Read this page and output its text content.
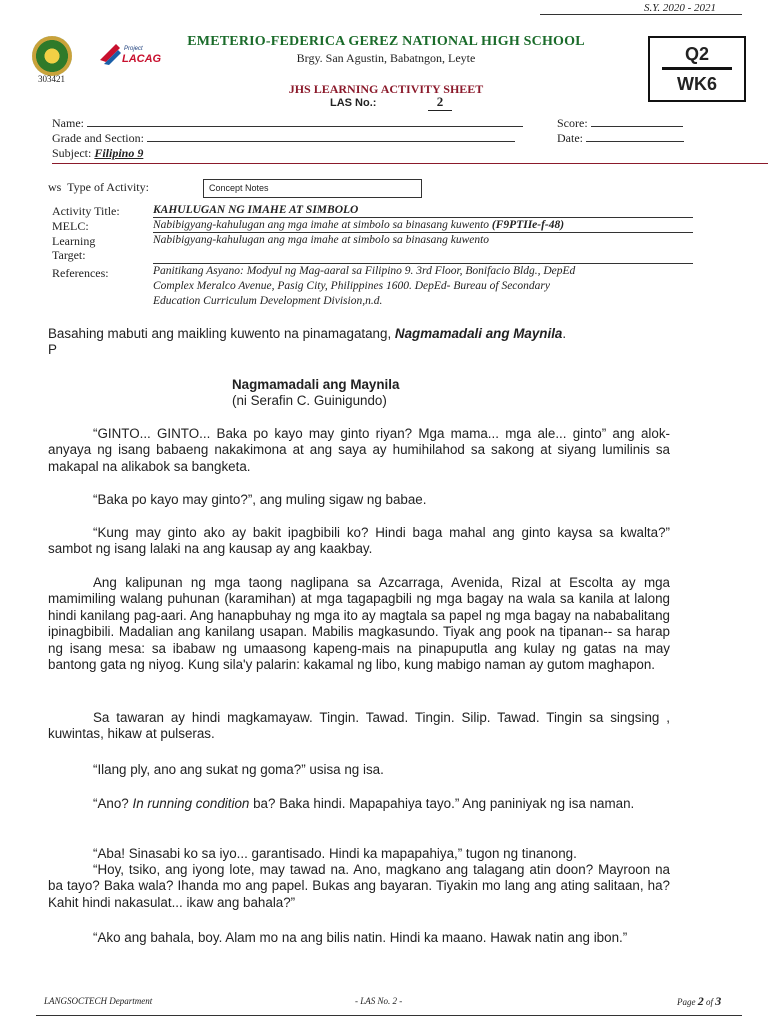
S.Y. 2020 - 2021
Project
LACAG
EMETERIO-FEDERICA GEREZ NATIONAL HIGH SCHOOL
Brgy. San Agustin, Babatngon, Leyte
303421
JHS LEARNING ACTIVITY SHEET
LAS No.:	2
Q2
WK6
Name:	Score:
Grade and Section:	Date:
Subject: Filipino 9
ws Type of Activity:	Concept Notes
Activity Title:	KAHULUGAN NG IMAHE AT SIMBOLO
MELC:	Nabibigyang-kahulugan ang mga imahe at simbolo sa binasang kuwento (F9PTIIe-f-48)
Learning
Target:
Nabibigyang-kahulugan ang mga imahe at simbolo sa binasang kuwento
References:	Panitikang Asyano: Modyul ng Mag-aaral sa Filipino 9. 3rd Floor, Bonifacio Bldg., DepEd
Complex Meralco Avenue, Pasig City, Philippines 1600. DepEd- Bureau of Secondary
Education Curriculum Development Division,n.d.
Basahing mabuti ang maikling kuwento na pinamagatang, Nagmamadali ang Maynila.
P
Nagmamadali ang Maynila
(ni Serafin C. Guinigundo)
“GINTO... GINTO... Baka po kayo may ginto riyan? Mga mama... mga ale... ginto” ang alok-anyaya ng isang babaeng nakakimona at ang saya ay humihilahod sa sakong at siyang lumilinis sa makapal na alikabok sa bangketa.
“Baka po kayo may ginto?”, ang muling sigaw ng babae.
“Kung may ginto ako ay bakit ipagbibili ko? Hindi baga mahal ang ginto kaysa sa kwalta?” sambot ng isang lalaki na ang kausap ay ang kaakbay.
Ang kalipunan ng mga taong naglipana sa Azcarraga, Avenida, Rizal at Escolta ay mga mamimiling walang puhunan (karamihan) at mga tagapagbili ng mga bagay na wala sa kanila at lalong hindi kanilang pag-aari. Ang hanapbuhay ng mga ito ay magtala sa papel ng mga bagay na nababalitang ipinagbibili. Madalian ang kanilang usapan. Mabilis magkasundo. Tiyak ang pook na tipanan-- sa harap ng isang mesa: sa ibabaw ng umaasong kapeng-mais na pinapuputla ang kulay ng gatas na may bantong gata ng niyog. Kung sila'y palarin: kakamal ng libo, kung mabigo naman ay gutom maghapon.
Sa tawaran ay hindi magkamayaw. Tingin. Tawad. Tingin. Silip. Tawad. Tingin sa singsing , kuwintas, hikaw at pulseras.
“Ilang ply, ano ang sukat ng goma?” usisa ng isa.
“Ano? In running condition ba? Baka hindi. Mapapahiya tayo.” Ang paniniyak ng isa naman.
“Aba! Sinasabi ko sa iyo... garantisado. Hindi ka mapapahiya,” tugon ng tinanong.
“Hoy, tsiko, ang iyong lote, may tawad na. Ano, magkano ang talagang atin doon? Mayroon na ba tayo? Baka wala? Ihanda mo ang papel. Bukas ang bayaran. Tiyakin mo lang ang ating salitaan, ha? Kahit hindi nakasulat... ikaw ang bahala?”
“Ako ang bahala, boy. Alam mo na ang bilis natin. Hindi ka maano. Hawak natin ang ibon.”
LANGSOCTECH Department	- LAS No. 2 -	Page 2 of 3
